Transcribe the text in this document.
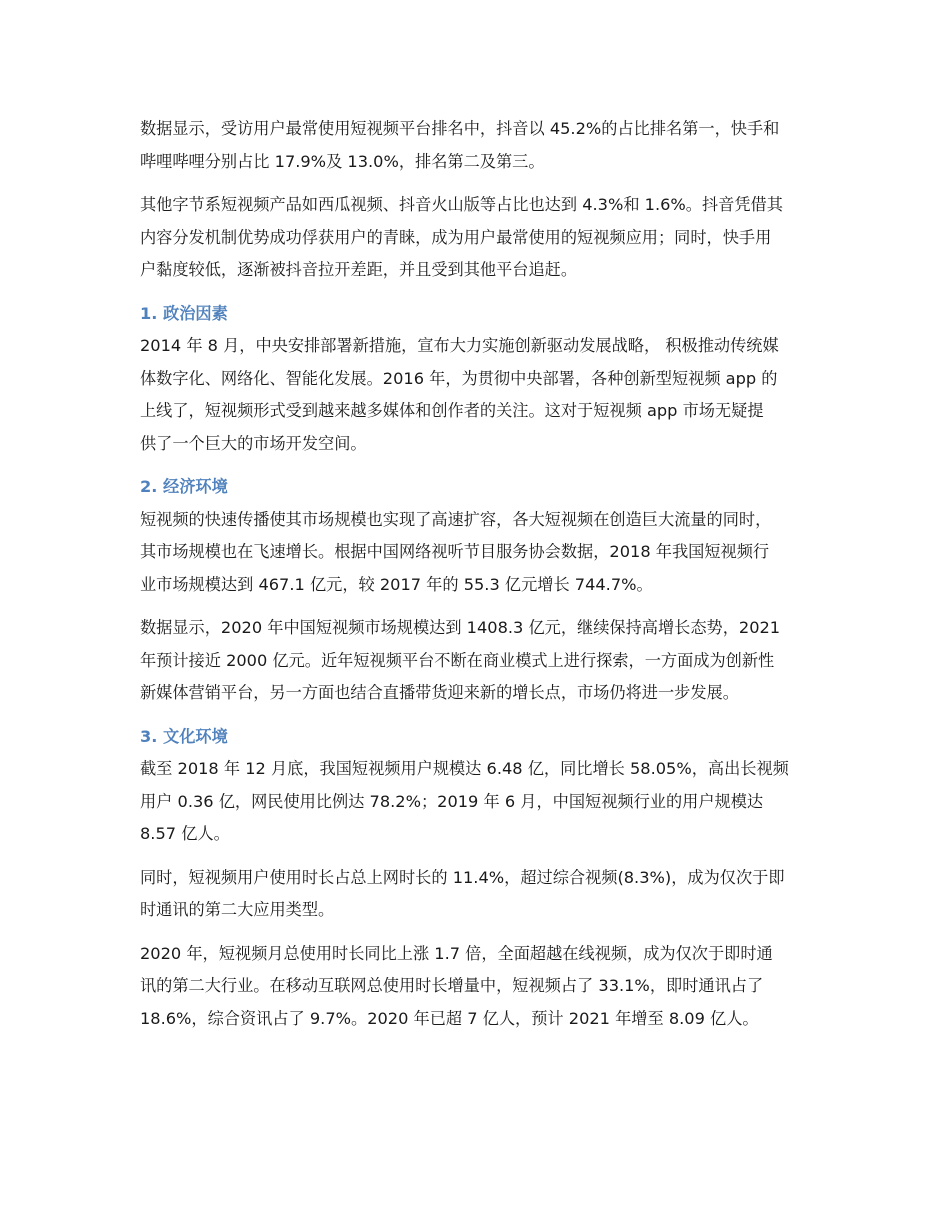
数据显示，受访用户最常使用短视频平台排名中，抖音以 45.2%的占比排名第一，快手和
哔哩哔哩分别占比 17.9%及 13.0%，排名第二及第三。
其他字节系短视频产品如西瓜视频、抖音火山版等占比也达到 4.3%和 1.6%。抖音凭借其
内容分发机制优势成功俘获用户的青睐，成为用户最常使用的短视频应用；同时，快手用
户黏度较低，逐渐被抖音拉开差距，并且受到其他平台追赶。
1. 政治因素
2014 年 8 月，中央安排部署新措施，宣布大力实施创新驱动发展战略， 积极推动传统媒
体数字化、网络化、智能化发展。2016 年，为贯彻中央部署，各种创新型短视频 app 的
上线了，短视频形式受到越来越多媒体和创作者的关注。这对于短视频 app 市场无疑提
供了一个巨大的市场开发空间。
2. 经济环境
短视频的快速传播使其市场规模也实现了高速扩容，各大短视频在创造巨大流量的同时，
其市场规模也在飞速增长。根据中国网络视听节目服务协会数据，2018 年我国短视频行
业市场规模达到 467.1 亿元，较 2017 年的 55.3 亿元增长 744.7%。
数据显示，2020 年中国短视频市场规模达到 1408.3 亿元，继续保持高增长态势，2021
年预计接近 2000 亿元。近年短视频平台不断在商业模式上进行探索，一方面成为创新性
新媒体营销平台，另一方面也结合直播带货迎来新的增长点，市场仍将进一步发展。
3. 文化环境
截至 2018 年 12 月底，我国短视频用户规模达 6.48 亿，同比增长 58.05%，高出长视频
用户 0.36 亿，网民使用比例达 78.2%；2019 年 6 月，中国短视频行业的用户规模达
8.57 亿人。
同时，短视频用户使用时长占总上网时长的 11.4%，超过综合视频(8.3%)，成为仅次于即
时通讯的第二大应用类型。
2020 年，短视频月总使用时长同比上涨 1.7 倍，全面超越在线视频，成为仅次于即时通
讯的第二大行业。在移动互联网总使用时长增量中，短视频占了 33.1%，即时通讯占了
18.6%，综合资讯占了 9.7%。2020 年已超 7 亿人，预计 2021 年增至 8.09 亿人。
